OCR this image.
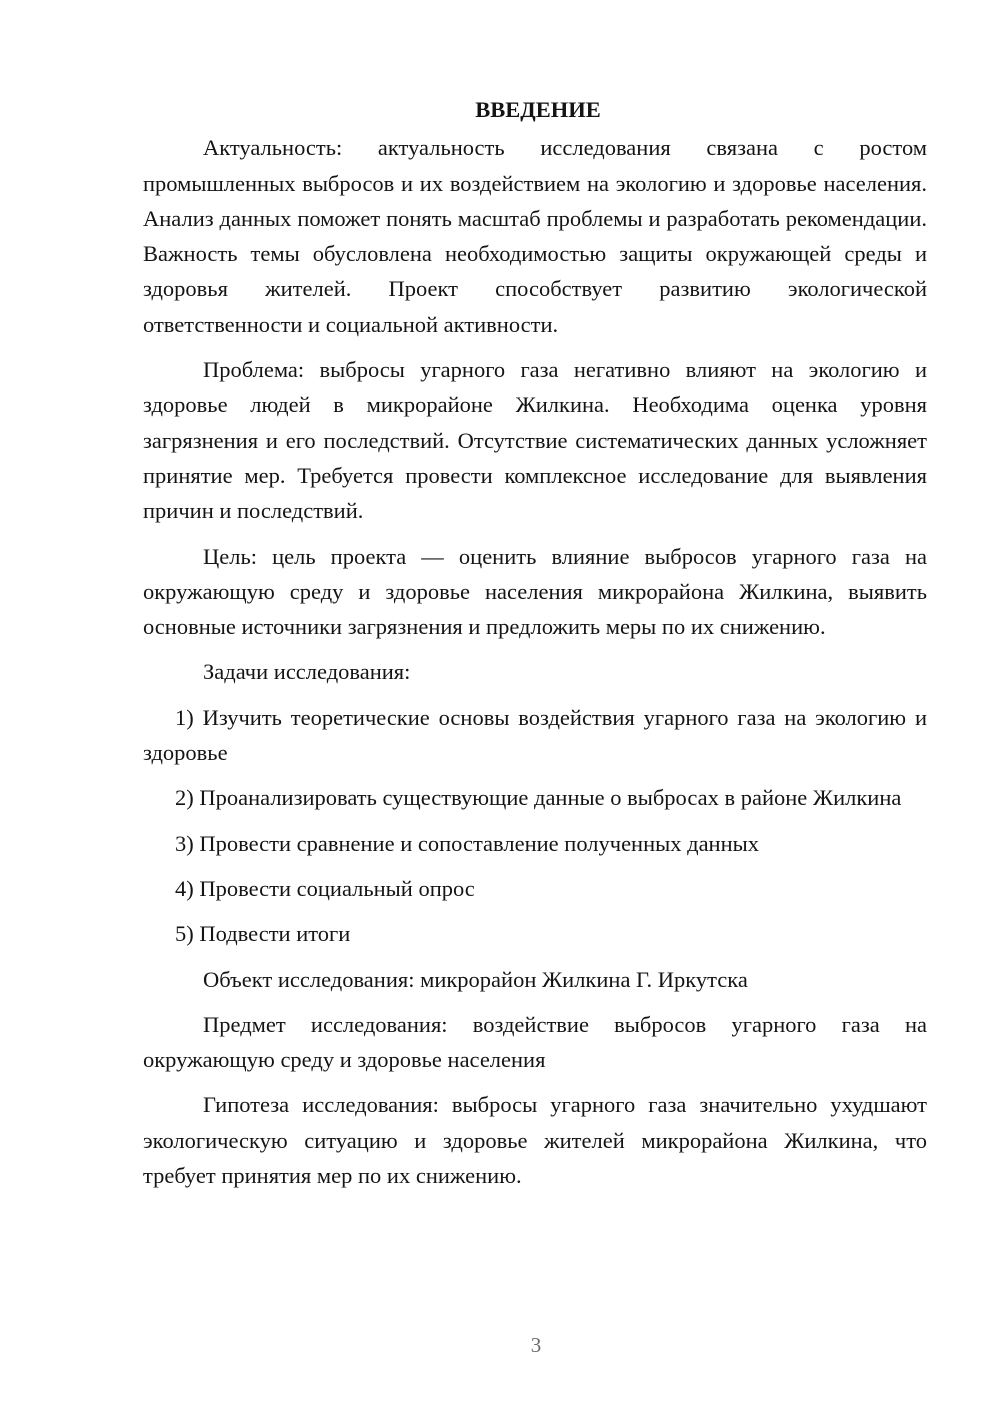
ВВЕДЕНИЕ

Актуальность: актуальность исследования связана с ростом промышленных выбросов и их воздействием на экологию и здоровье населения. Анализ данных поможет понять масштаб проблемы и разработать рекомендации. Важность темы обусловлена необходимостью защиты окружающей среды и здоровья жителей. Проект способствует развитию экологической ответственности и социальной активности.

Проблема: выбросы угарного газа негативно влияют на экологию и здоровье людей в микрорайоне Жилкина. Необходима оценка уровня загрязнения и его последствий. Отсутствие систематических данных усложняет принятие мер. Требуется провести комплексное исследование для выявления причин и последствий.

Цель: цель проекта — оценить влияние выбросов угарного газа на окружающую среду и здоровье населения микрорайона Жилкина, выявить основные источники загрязнения и предложить меры по их снижению.

Задачи исследования:

1) Изучить теоретические основы воздействия угарного газа на экологию и здоровье

2) Проанализировать существующие данные о выбросах в районе Жилкина

3) Провести сравнение и сопоставление полученных данных

4) Провести социальный опрос

5) Подвести итоги

Объект исследования: микрорайон Жилкина Г. Иркутска

Предмет исследования: воздействие выбросов угарного газа на окружающую среду и здоровье населения

Гипотеза исследования: выбросы угарного газа значительно ухудшают экологическую ситуацию и здоровье жителей микрорайона Жилкина, что требует принятия мер по их снижению.

3
